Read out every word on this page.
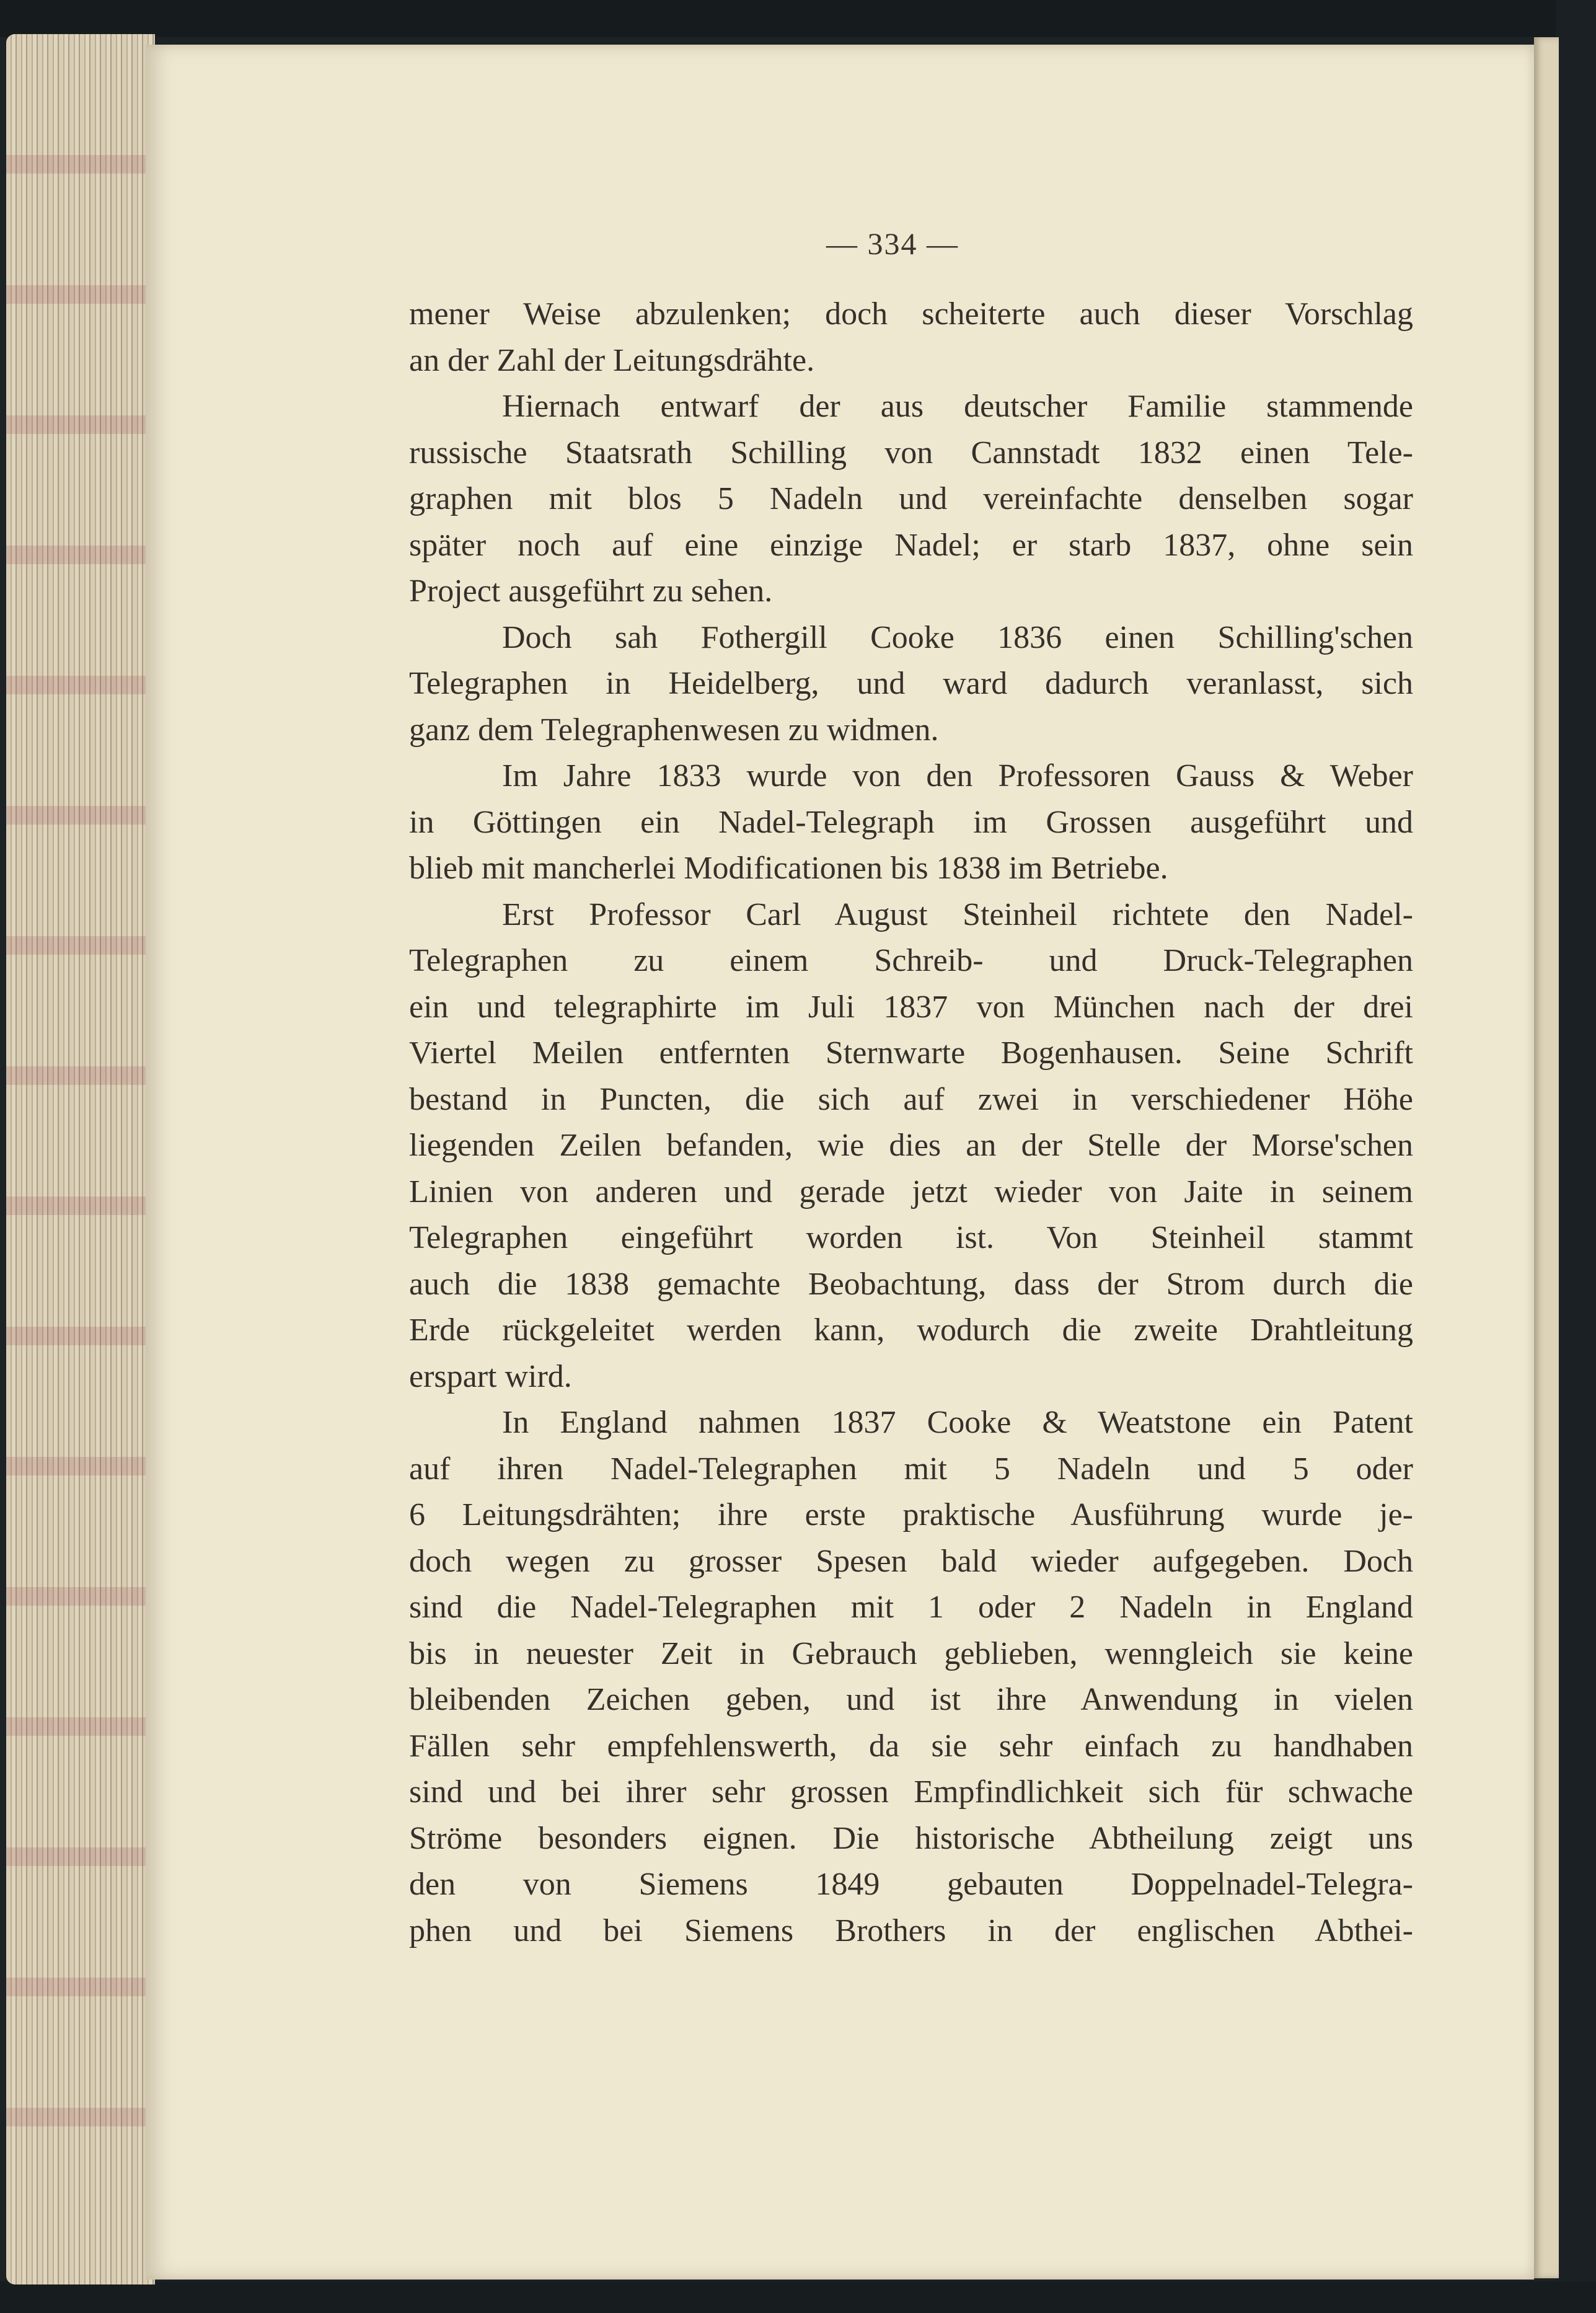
— 334 —
mener Weise abzulenken; doch scheiterte auch dieser Vorschlag
an der Zahl der Leitungsdrähte.
Hiernach entwarf der aus deutscher Familie stammende
russische Staatsrath Schilling von Cannstadt 1832 einen Tele-
graphen mit blos 5 Nadeln und vereinfachte denselben sogar
später noch auf eine einzige Nadel; er starb 1837, ohne sein
Project ausgeführt zu sehen.
Doch sah Fothergill Cooke 1836 einen Schilling'schen
Telegraphen in Heidelberg, und ward dadurch veranlasst, sich
ganz dem Telegraphenwesen zu widmen.
Im Jahre 1833 wurde von den Professoren Gauss & Weber
in Göttingen ein Nadel-Telegraph im Grossen ausgeführt und
blieb mit mancherlei Modificationen bis 1838 im Betriebe.
Erst Professor Carl August Steinheil richtete den Nadel-
Telegraphen zu einem Schreib- und Druck-Telegraphen
ein und telegraphirte im Juli 1837 von München nach der drei
Viertel Meilen entfernten Sternwarte Bogenhausen. Seine Schrift
bestand in Puncten, die sich auf zwei in verschiedener Höhe
liegenden Zeilen befanden, wie dies an der Stelle der Morse'schen
Linien von anderen und gerade jetzt wieder von Jaite in seinem
Telegraphen eingeführt worden ist. Von Steinheil stammt
auch die 1838 gemachte Beobachtung, dass der Strom durch die
Erde rückgeleitet werden kann, wodurch die zweite Drahtleitung
erspart wird.
In England nahmen 1837 Cooke & Weatstone ein Patent
auf ihren Nadel-Telegraphen mit 5 Nadeln und 5 oder
6 Leitungsdrähten; ihre erste praktische Ausführung wurde je-
doch wegen zu grosser Spesen bald wieder aufgegeben. Doch
sind die Nadel-Telegraphen mit 1 oder 2 Nadeln in England
bis in neuester Zeit in Gebrauch geblieben, wenngleich sie keine
bleibenden Zeichen geben, und ist ihre Anwendung in vielen
Fällen sehr empfehlenswerth, da sie sehr einfach zu handhaben
sind und bei ihrer sehr grossen Empfindlichkeit sich für schwache
Ströme besonders eignen. Die historische Abtheilung zeigt uns
den von Siemens 1849 gebauten Doppelnadel-Telegra-
phen und bei Siemens Brothers in der englischen Abthei-
